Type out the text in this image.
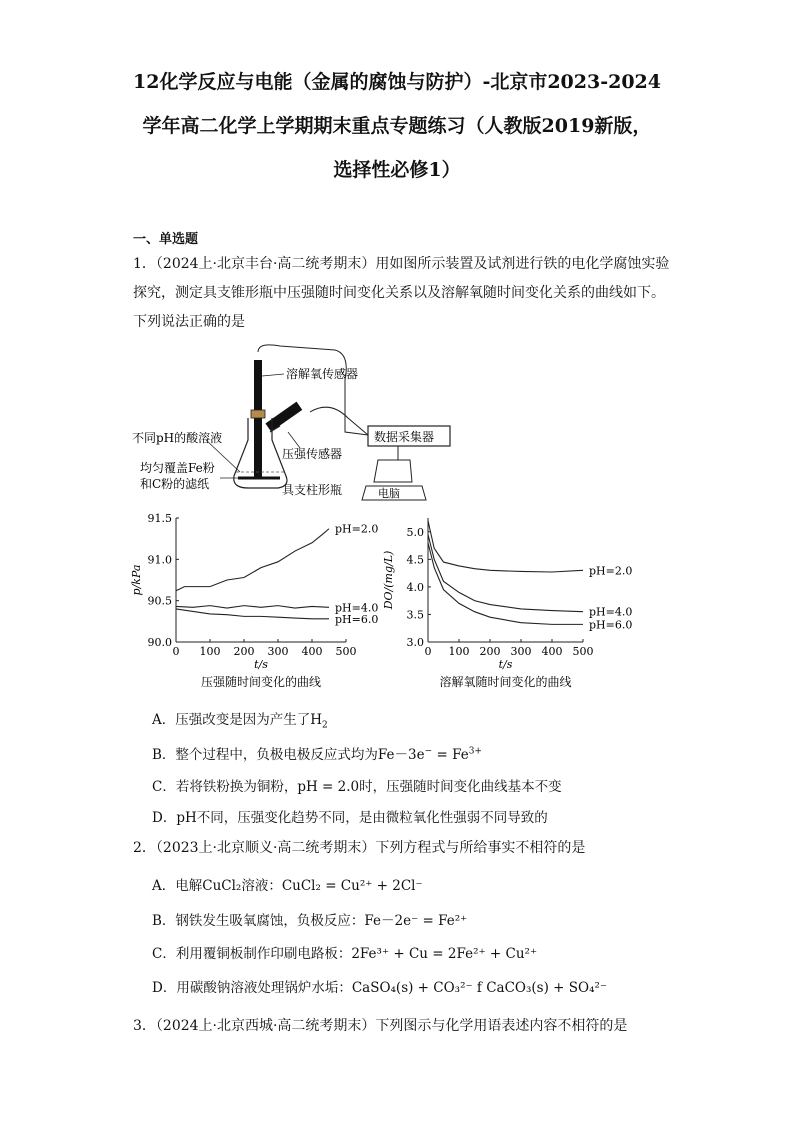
12化学反应与电能（金属的腐蚀与防护）-北京市2023-2024
学年高二化学上学期期末重点专题练习（人教版2019新版，
选择性必修1）
一、单选题
1．（2024上·北京丰台·高二统考期末）用如图所示装置及试剂进行铁的电化学腐蚀实验
探究，测定具支锥形瓶中压强随时间变化关系以及溶解氧随时间变化关系的曲线如下。
下列说法正确的是
溶解氧传感器
压强传感器
不同pH的酸溶液
均匀覆盖Fe粉
和C粉的滤纸	具支柱形瓶
数据采集器
电脑
0 100 200 300 400 500
90.0
90.5
91.0
91.5
t/s
p/kPa
pH=2.0
pH=4.0
pH=6.0
压强随时间变化的曲线
0 100 200 300 400 500
3.0
3.5
4.0
4.5
5.0
t/s
DO/(mg/L)	pH=2.0
pH=4.0
pH=6.0
溶解氧随时间变化的曲线
A．压强改变是因为产生了$H_2$
B．整个过程中，负极电极反应式均为$Fe-3e^- = Fe^{3+}$
C．若将铁粉换为铜粉，pH = 2.0时，压强随时间变化曲线基本不变
D．pH不同，压强变化趋势不同，是由微粒氧化性强弱不同导致的
2．（2023上·北京顺义·高二统考期末）下列方程式与所给事实不相符的是
A．电解CuCl₂溶液：CuCl₂ = Cu²⁺ + 2Cl⁻
B．钢铁发生吸氧腐蚀，负极反应：Fe－2e⁻ = Fe²⁺
C．利用覆铜板制作印刷电路板：2Fe³⁺ + Cu = 2Fe²⁺ + Cu²⁺
D．用碳酸钠溶液处理锅炉水垢：CaSO₄(s) + CO₃²⁻ f CaCO₃(s) + SO₄²⁻
3．（2024上·北京西城·高二统考期末）下列图示与化学用语表述内容不相符的是
